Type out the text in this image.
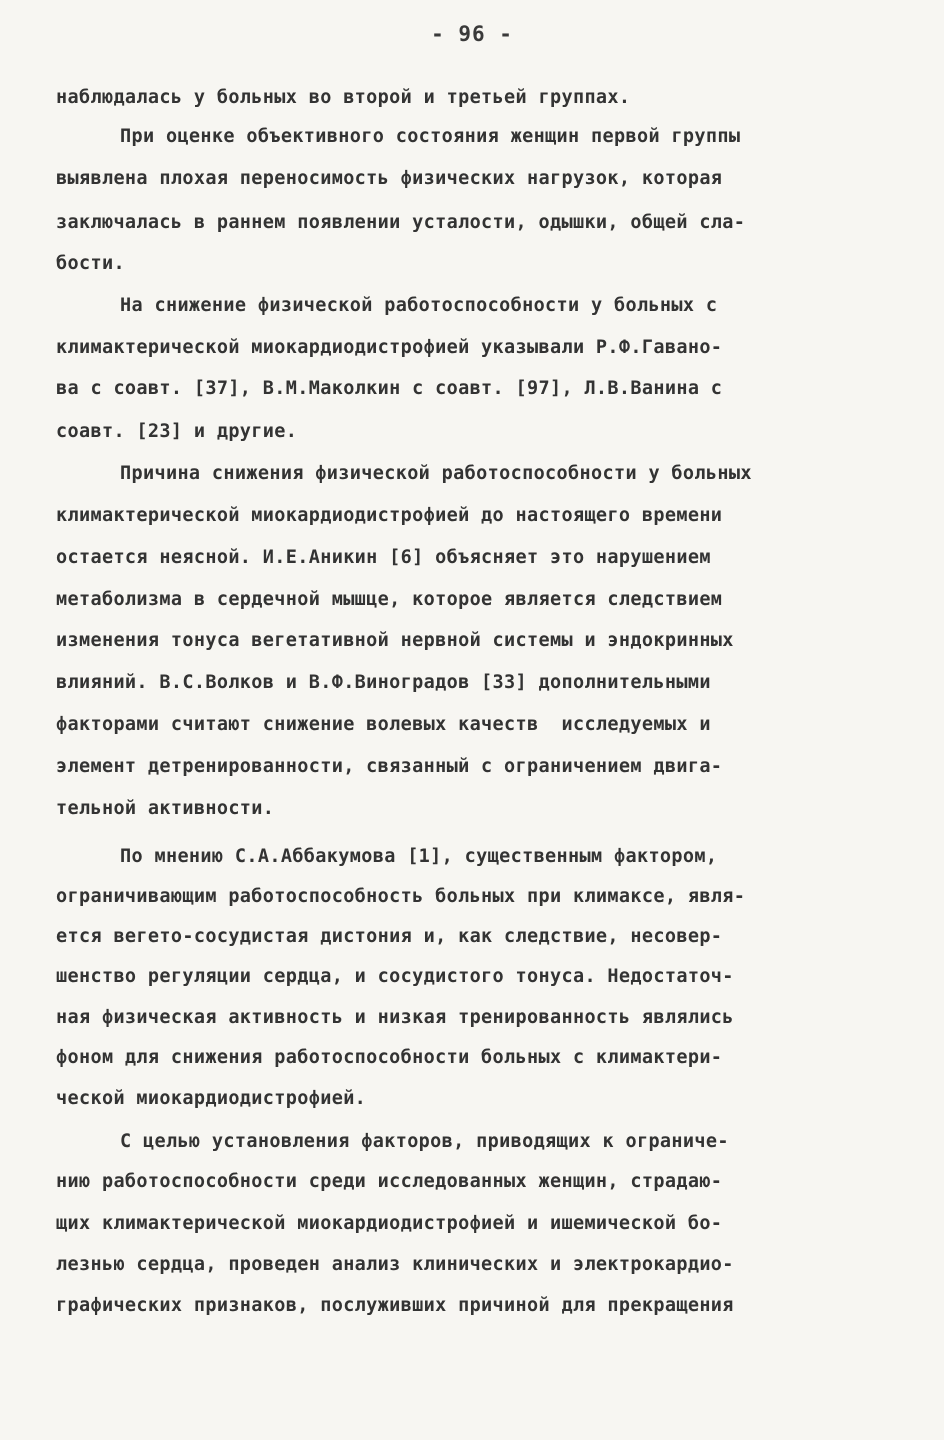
- 96 -
наблюдалась у больных во второй и третьей группах.
При оценке объективного состояния женщин первой группы
выявлена плохая переносимость физических нагрузок, которая
заключалась в раннем появлении усталости, одышки, общей сла-
бости.
На снижение физической работоспособности у больных с
климактерической миокардиодистрофией указывали Р.Ф.Гавано-
ва с соавт. [37], В.М.Маколкин с соавт. [97], Л.В.Ванина с
соавт. [23] и другие.
Причина снижения физической работоспособности у больных
климактерической миокардиодистрофией до настоящего времени
остается неясной. И.Е.Аникин [6] объясняет это нарушением
метаболизма в сердечной мышце, которое является следствием
изменения тонуса вегетативной нервной системы и эндокринных
влияний. В.С.Волков и В.Ф.Виноградов [33] дополнительными
факторами считают снижение волевых качеств  исследуемых и
элемент детренированности, связанный с ограничением двига-
тельной активности.
По мнению С.А.Аббакумова [1], существенным фактором,
ограничивающим работоспособность больных при климаксе, явля-
ется вегето-сосудистая дистония и, как следствие, несовер-
шенство регуляции сердца, и сосудистого тонуса. Недостаточ-
ная физическая активность и низкая тренированность являлись
фоном для снижения работоспособности больных с климактери-
ческой миокардиодистрофией.
С целью установления факторов, приводящих к ограниче-
нию работоспособности среди исследованных женщин, страдаю-
щих климактерической миокардиодистрофией и ишемической бо-
лезнью сердца, проведен анализ клинических и электрокардио-
графических признаков, послуживших причиной для прекращения
